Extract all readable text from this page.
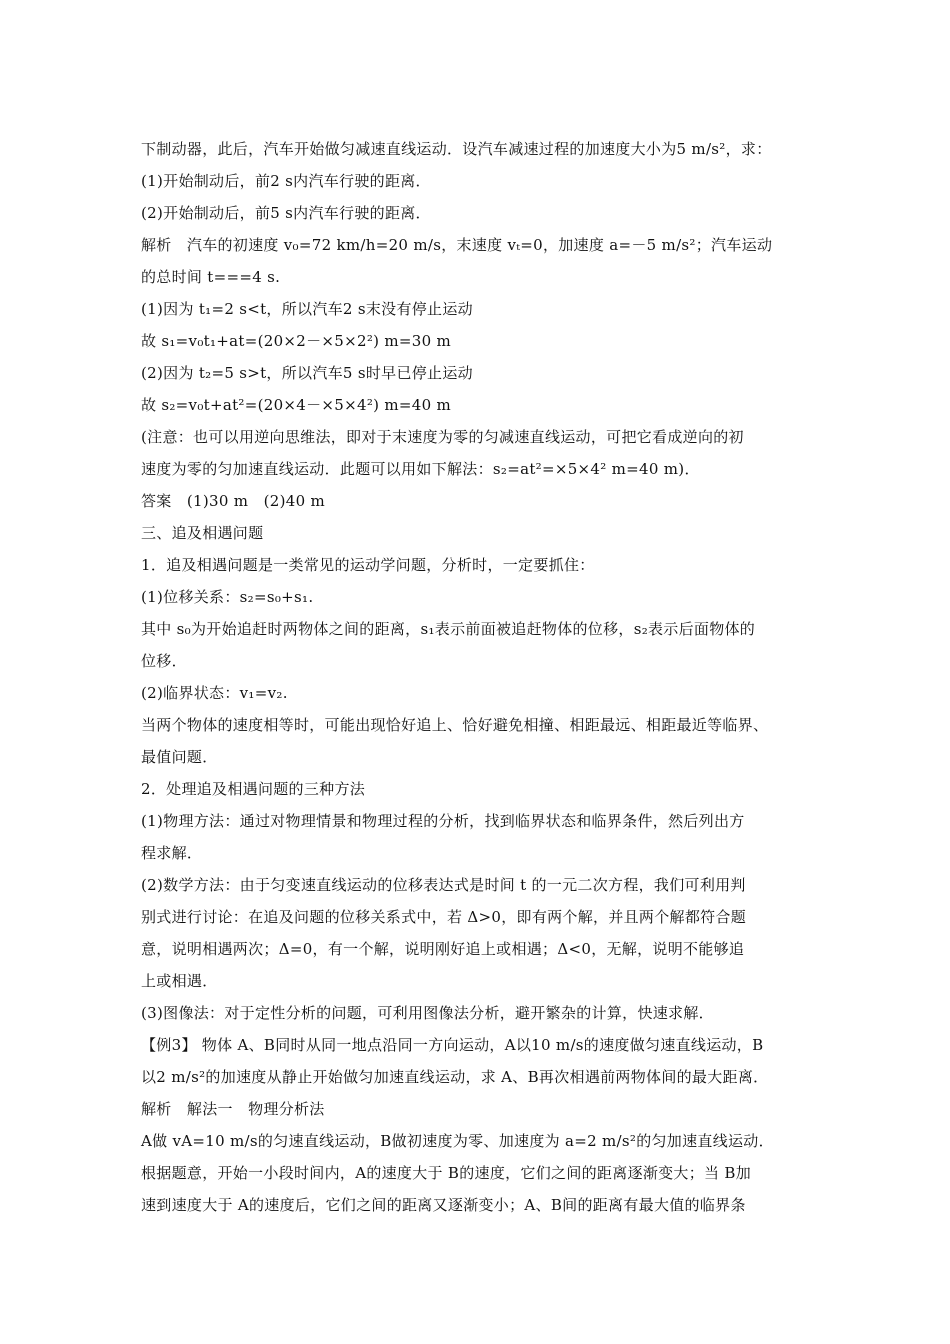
下制动器，此后，汽车开始做匀减速直线运动．设汽车减速过程的加速度大小为5 m/s²，求：
(1)开始制动后，前2 s内汽车行驶的距离．
(2)开始制动后，前5 s内汽车行驶的距离．
解析　汽车的初速度 v₀=72 km/h=20 m/s，末速度 vₜ=0，加速度 a=－5 m/s²；汽车运动
的总时间 t===4 s.
(1)因为 t₁=2 s<t，所以汽车2 s末没有停止运动
故 s₁=v₀t₁+at=(20×2－×5×2²) m=30 m
(2)因为 t₂=5 s>t，所以汽车5 s时早已停止运动
故 s₂=v₀t+at²=(20×4－×5×4²) m=40 m
(注意：也可以用逆向思维法，即对于末速度为零的匀减速直线运动，可把它看成逆向的初
速度为零的匀加速直线运动．此题可以用如下解法：s₂=at²=×5×4² m=40 m)．
答案　(1)30 m　(2)40 m
三、追及相遇问题
1．追及相遇问题是一类常见的运动学问题，分析时，一定要抓住：
(1)位移关系：s₂=s₀+s₁.
其中 s₀为开始追赶时两物体之间的距离，s₁表示前面被追赶物体的位移，s₂表示后面物体的
位移．
(2)临界状态：v₁=v₂.
当两个物体的速度相等时，可能出现恰好追上、恰好避免相撞、相距最远、相距最近等临界、
最值问题．
2．处理追及相遇问题的三种方法
(1)物理方法：通过对物理情景和物理过程的分析，找到临界状态和临界条件，然后列出方
程求解．
(2)数学方法：由于匀变速直线运动的位移表达式是时间 t 的一元二次方程，我们可利用判
别式进行讨论：在追及问题的位移关系式中，若 Δ>0，即有两个解，并且两个解都符合题
意，说明相遇两次；Δ=0，有一个解，说明刚好追上或相遇；Δ<0，无解，说明不能够追
上或相遇．
(3)图像法：对于定性分析的问题，可利用图像法分析，避开繁杂的计算，快速求解．
【例3】 物体 A、B同时从同一地点沿同一方向运动，A以10 m/s的速度做匀速直线运动，B
以2 m/s²的加速度从静止开始做匀加速直线运动，求 A、B再次相遇前两物体间的最大距离．
解析　解法一　物理分析法
A做 vA=10 m/s的匀速直线运动，B做初速度为零、加速度为 a=2 m/s²的匀加速直线运动．
根据题意，开始一小段时间内，A的速度大于 B的速度，它们之间的距离逐渐变大；当 B加
速到速度大于 A的速度后，它们之间的距离又逐渐变小；A、B间的距离有最大值的临界条
